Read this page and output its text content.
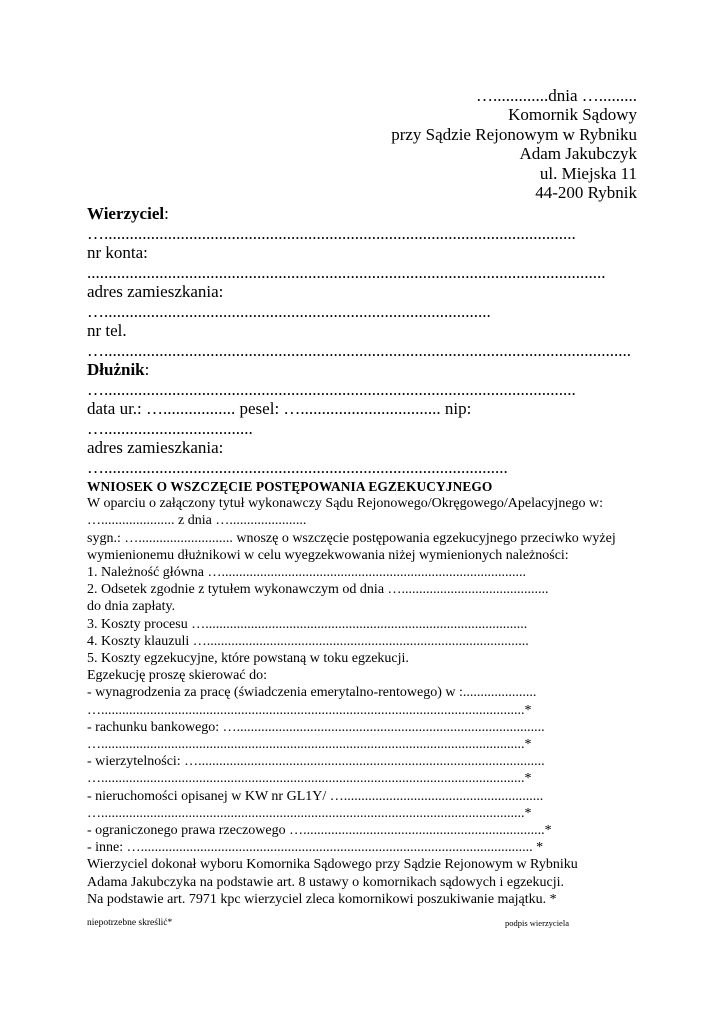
….............dnia ….........
Komornik Sądowy
przy Sądzie Rejonowym w Rybniku
Adam Jakubczyk
ul. Miejska 11
44-200 Rybnik
Wierzyciel:
…...............................................................................................................
nr konta:
..........................................................................................................................
adres zamieszkania:
…...........................................................................................
nr tel.
…............................................................................................................................
Dłużnik:
…...............................................................................................................
data ur.: …................. pesel: …................................. nip:
…...................................
adres zamieszkania:
…...............................................................................................
WNIOSEK O WSZCZĘCIE POSTĘPOWANIA EGZEKUCYJNEGO
W oparciu o załączony tytuł wykonawczy Sądu Rejonowego/Okręgowego/Apelacyjnego w:
…..................... z dnia …......................
sygn.: …........................... wnoszę o wszczęcie postępowania egzekucyjnego przeciwko wyżej
wymienionemu dłużnikowi w celu wyegzekwowania niżej wymienionych należności:
1. Należność główna ….......................................................................................
2. Odsetek zgodnie z tytułem wykonawczym od dnia …..........................................
do dnia zapłaty.
3. Koszty procesu …............................................................................................
4. Koszty klauzuli …............................................................................................
5. Koszty egzekucyjne, które powstaną w toku egzekucji.
Egzekucję proszę skierować do:
- wynagrodzenia za pracę (świadczenia emerytalno-rentowego) w :.....................
….........................................................................................................................*
- rachunku bankowego: …........................................................................................
….........................................................................................................................*
- wierzytelności: …...................................................................................................
….........................................................................................................................*
- nieruchomości opisanej w KW nr GL1Y/ ….........................................................
….........................................................................................................................*
- ograniczonego prawa rzeczowego ….....................................................................*
- inne: …................................................................................................................ *
Wierzyciel dokonał wyboru Komornika Sądowego przy Sądzie Rejonowym w Rybniku
Adama Jakubczyka na podstawie art. 8 ustawy o komornikach sądowych i egzekucji.
Na podstawie art. 7971 kpc wierzyciel zleca komornikowi poszukiwanie majątku. *
niepotrzebne skreślić*	podpis wierzyciela
